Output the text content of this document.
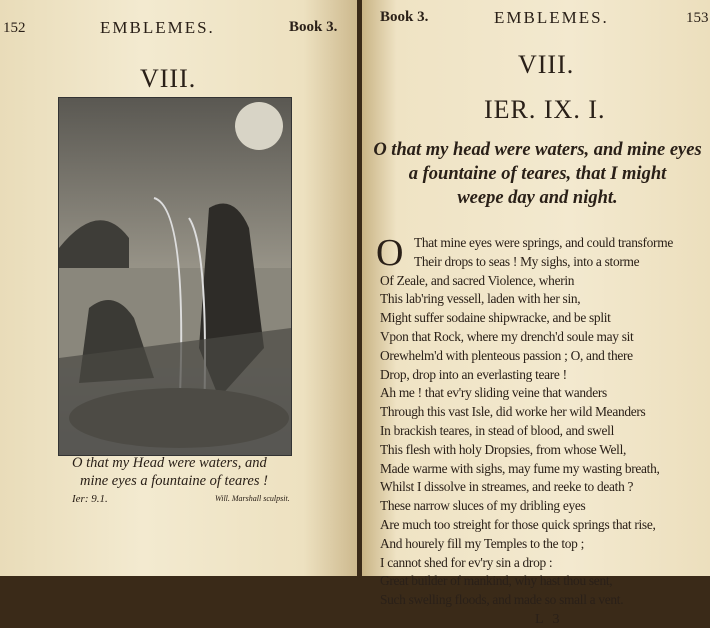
152	EMBLEMES.	Book 3.
VIII.
O that my Head were waters, and
mine eyes a fountaine of teares !
Ier: 9.1.	Will. Marshall sculpsit.
Book 3.	EMBLEMES.	153
VIII.
IER. IX. I.
O that my head were waters, and mine eyes
a fountaine of teares, that I might
weepe day and night.
O That mine eyes were springs, and could transforme
Their drops to seas ! My sighs, into a storme
Of Zeale, and sacred Violence, wherin
This lab'ring vessell, laden with her sin,
Might suffer sodaine shipwracke, and be split
Vpon that Rock, where my drench'd soule may sit
Orewhelm'd with plenteous passion ; O, and there
Drop, drop into an everlasting teare !
Ah me ! that ev'ry sliding veine that wanders
Through this vast Isle, did worke her wild Meanders
In brackish teares, in stead of blood, and swell
This flesh with holy Dropsies, from whose Well,
Made warme with sighs, may fume my wasting breath,
Whilst I dissolve in streames, and reeke to death ?
These narrow sluces of my dribling eyes
Are much too streight for those quick springs that rise,
And hourely fill my Temples to the top ;
I cannot shed for ev'ry sin a drop :
Great builder of mankind, why hast thou sent,
Such swelling floods, and made so small a vent.
L 3
